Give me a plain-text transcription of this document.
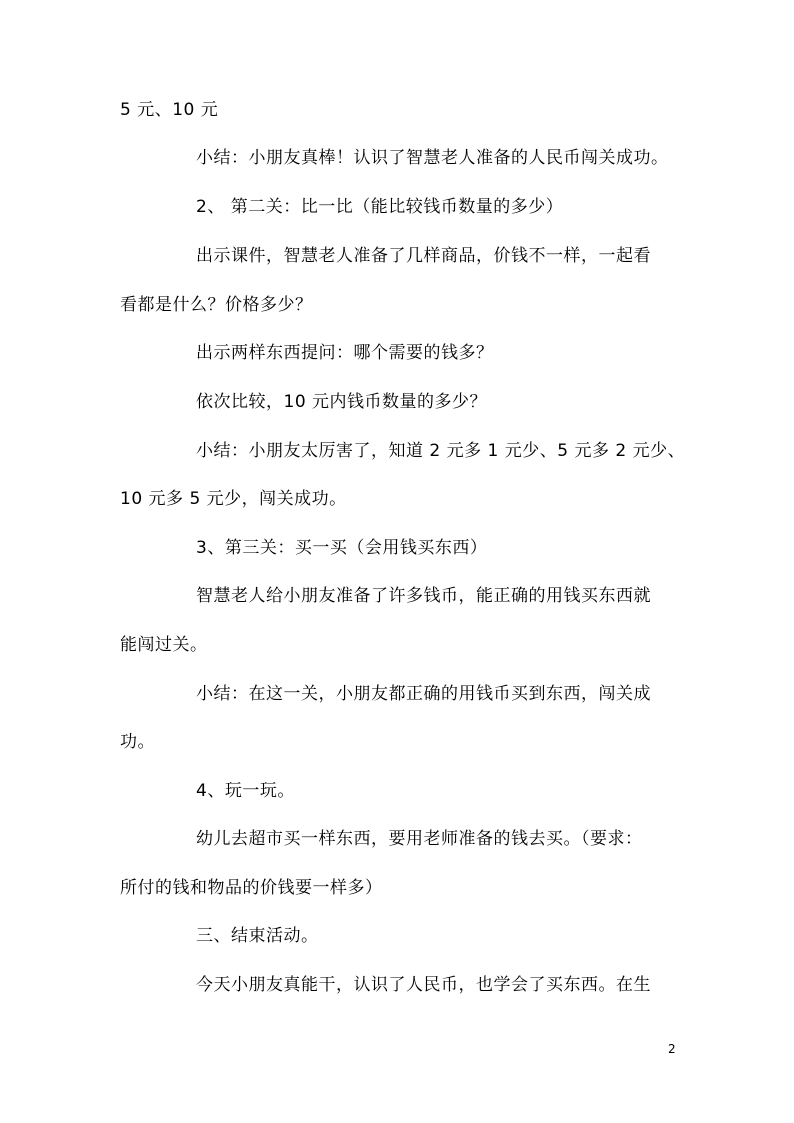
5 元、10 元
小结：小朋友真棒！认识了智慧老人准备的人民币闯关成功。
2、 第二关：比一比（能比较钱币数量的多少）
出示课件，智慧老人准备了几样商品，价钱不一样，一起看
看都是什么？价格多少？
出示两样东西提问：哪个需要的钱多？
依次比较，10 元内钱币数量的多少？
小结：小朋友太厉害了，知道 2 元多 1 元少、5 元多 2 元少、
10 元多 5 元少，闯关成功。
3、第三关：买一买（会用钱买东西）
智慧老人给小朋友准备了许多钱币，能正确的用钱买东西就
能闯过关。
小结：在这一关，小朋友都正确的用钱币买到东西，闯关成
功。
4、玩一玩。
幼儿去超市买一样东西，要用老师准备的钱去买。（要求：
所付的钱和物品的价钱要一样多）
三、结束活动。
今天小朋友真能干，认识了人民币，也学会了买东西。在生
2
